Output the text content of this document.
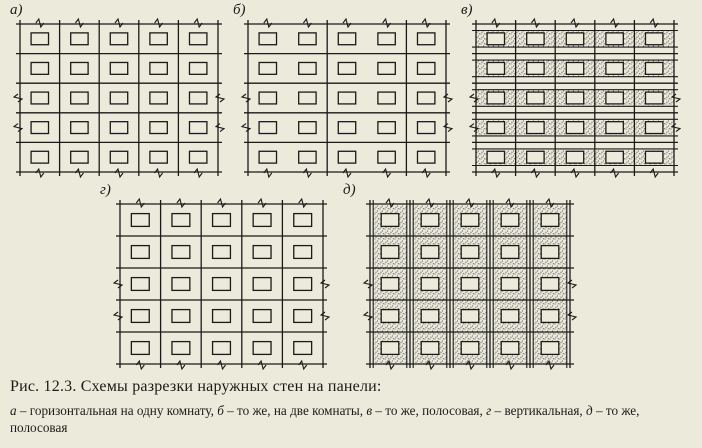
а)	б)	в)
г)	д)
Рис. 12.3. Схемы разрезки наружных стен на панели:
а – горизонтальная на одну комнату, б – то же, на две комнаты, в – то же, полосовая, г – вертикальная, д – то же, полосовая
